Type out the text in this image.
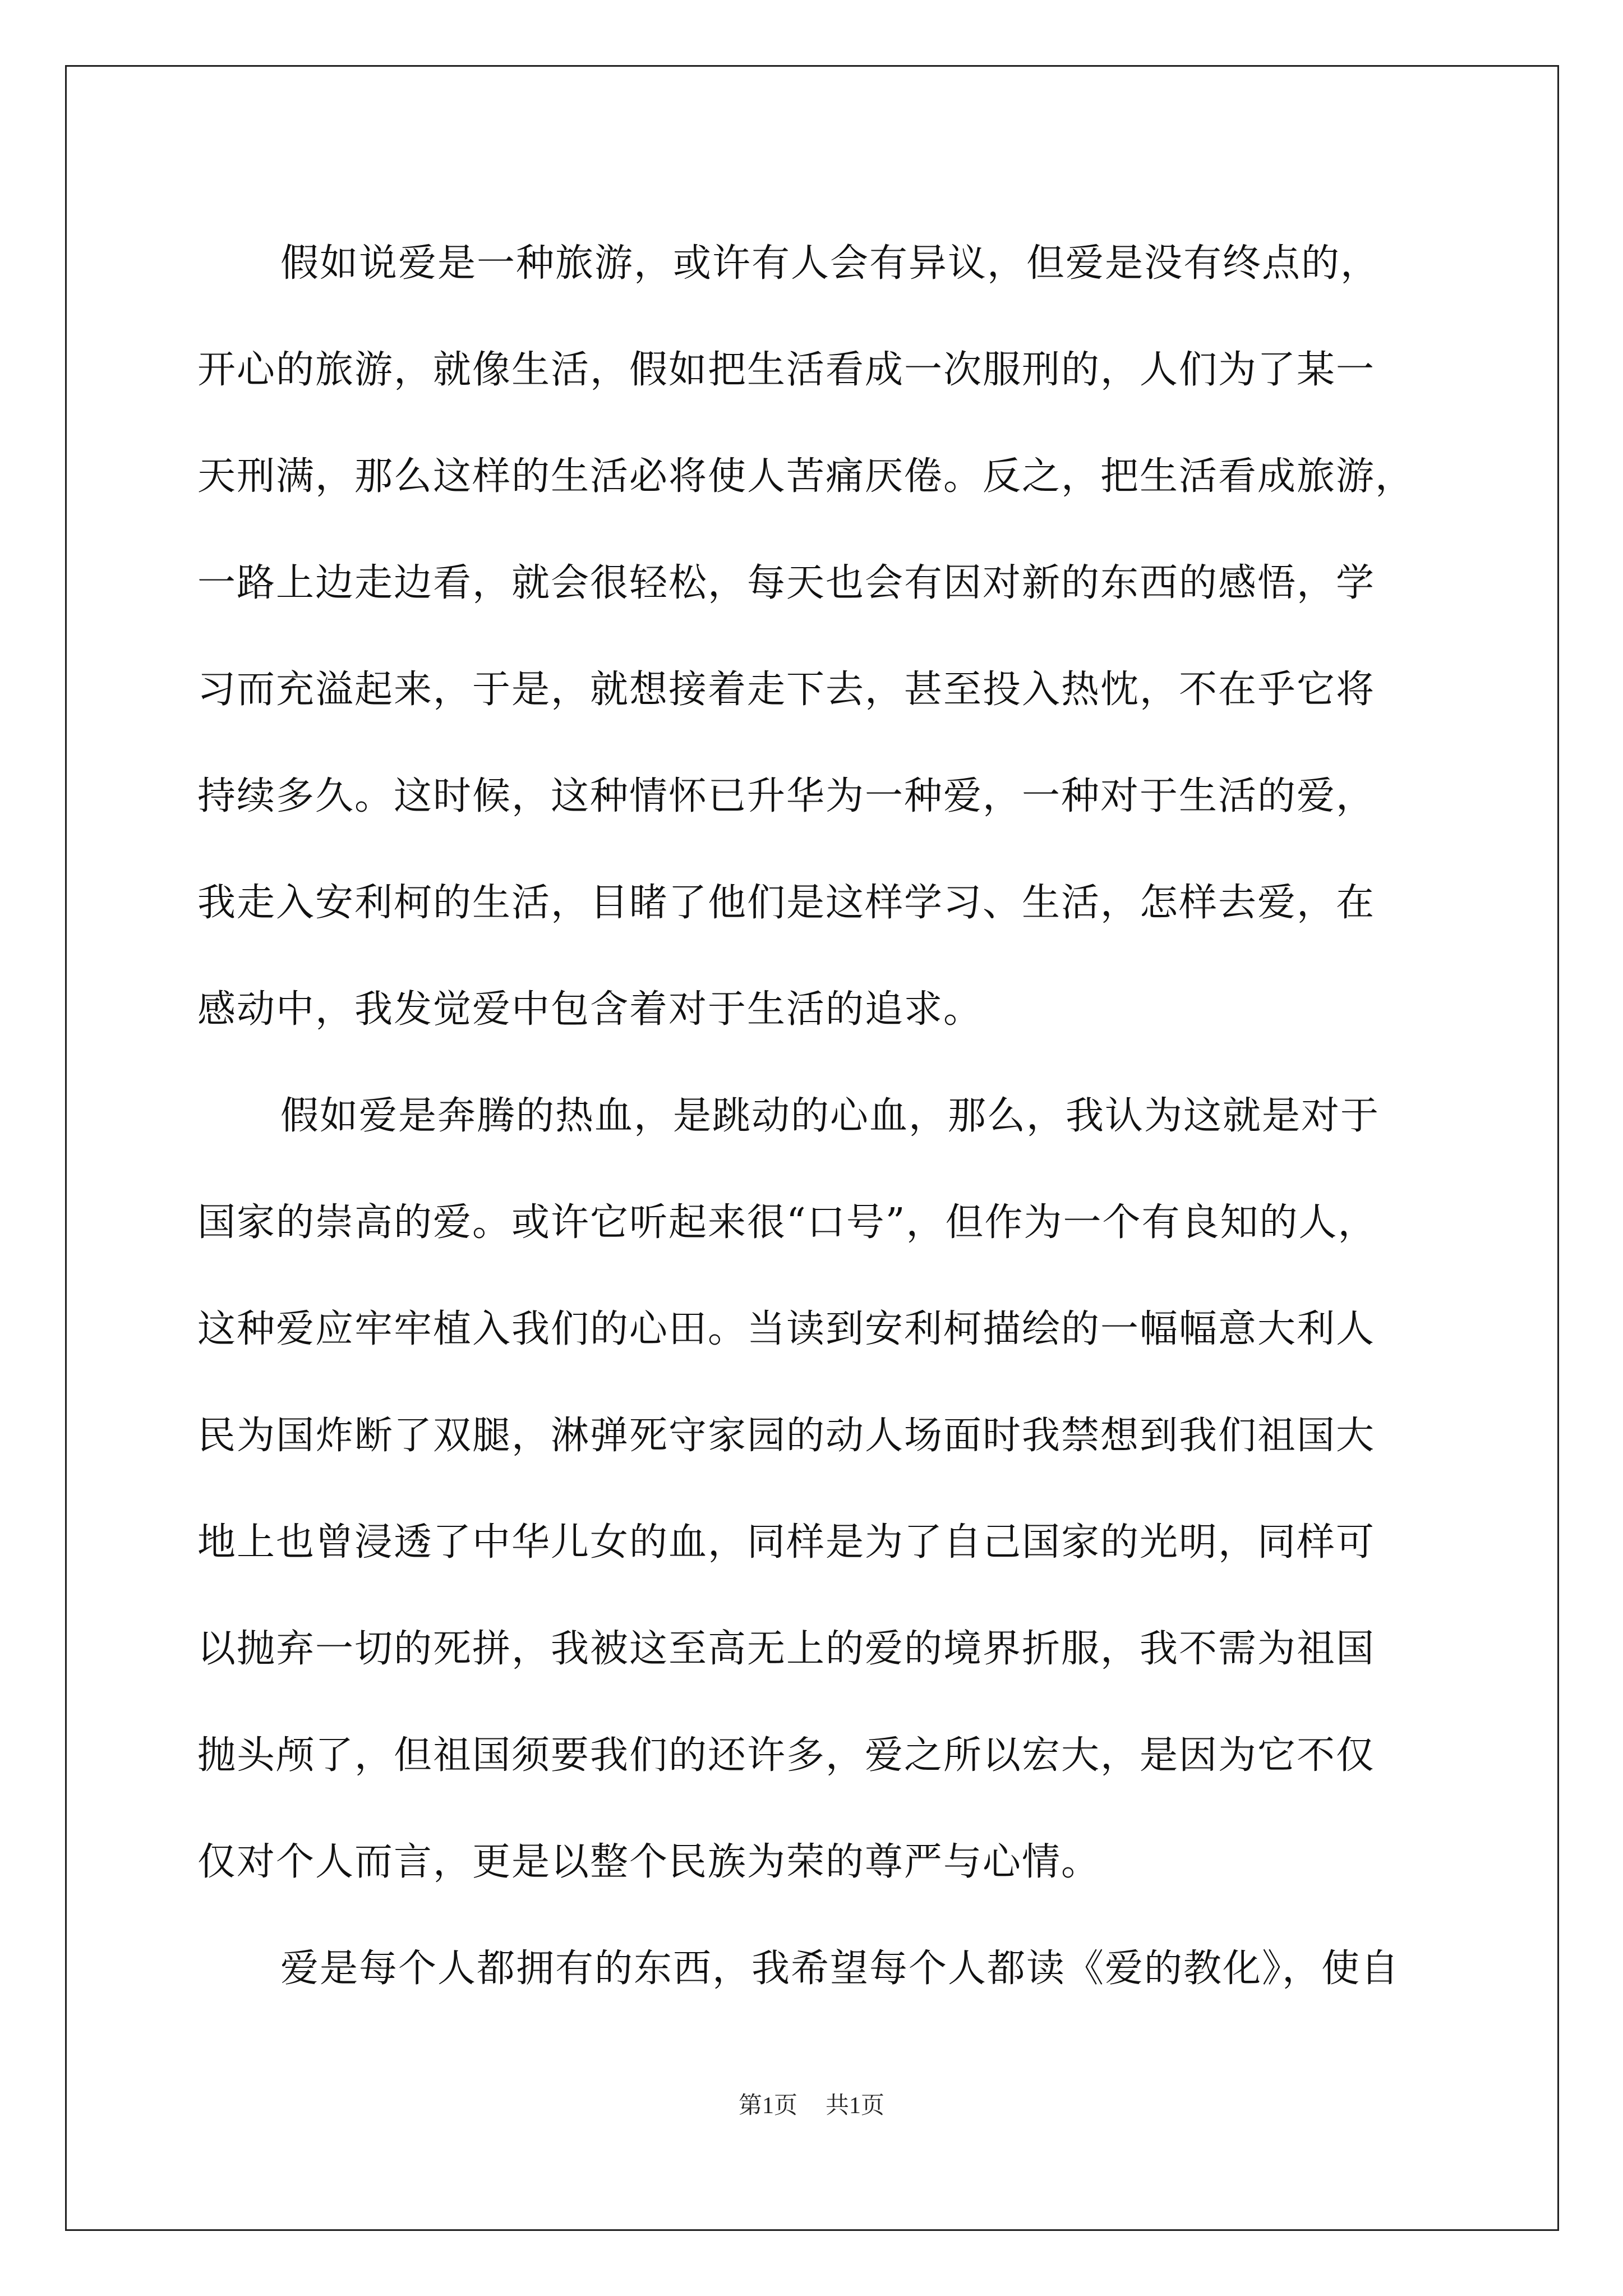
假如说爱是一种旅游，或许有人会有异议，但爱是没有终点的，
开心的旅游，就像生活，假如把生活看成一次服刑的，人们为了某一
天刑满，那么这样的生活必将使人苦痛厌倦。反之，把生活看成旅游，
一路上边走边看，就会很轻松，每天也会有因对新的东西的感悟，学
习而充溢起来，于是，就想接着走下去，甚至投入热忱，不在乎它将
持续多久。这时候，这种情怀已升华为一种爱，一种对于生活的爱，
我走入安利柯的生活，目睹了他们是这样学习、生活，怎样去爱，在
感动中，我发觉爱中包含着对于生活的追求。
假如爱是奔腾的热血，是跳动的心血，那么，我认为这就是对于
国家的崇高的爱。或许它听起来很“口号”，但作为一个有良知的人，
这种爱应牢牢植入我们的心田。当读到安利柯描绘的一幅幅意大利人
民为国炸断了双腿，淋弹死守家园的动人场面时我禁想到我们祖国大
地上也曾浸透了中华儿女的血，同样是为了自己国家的光明，同样可
以抛弃一切的死拼，我被这至高无上的爱的境界折服，我不需为祖国
抛头颅了，但祖国须要我们的还许多，爱之所以宏大，是因为它不仅
仅对个人而言，更是以整个民族为荣的尊严与心情。
爱是每个人都拥有的东西，我希望每个人都读《爱的教化》，使自
第1页 共1页
